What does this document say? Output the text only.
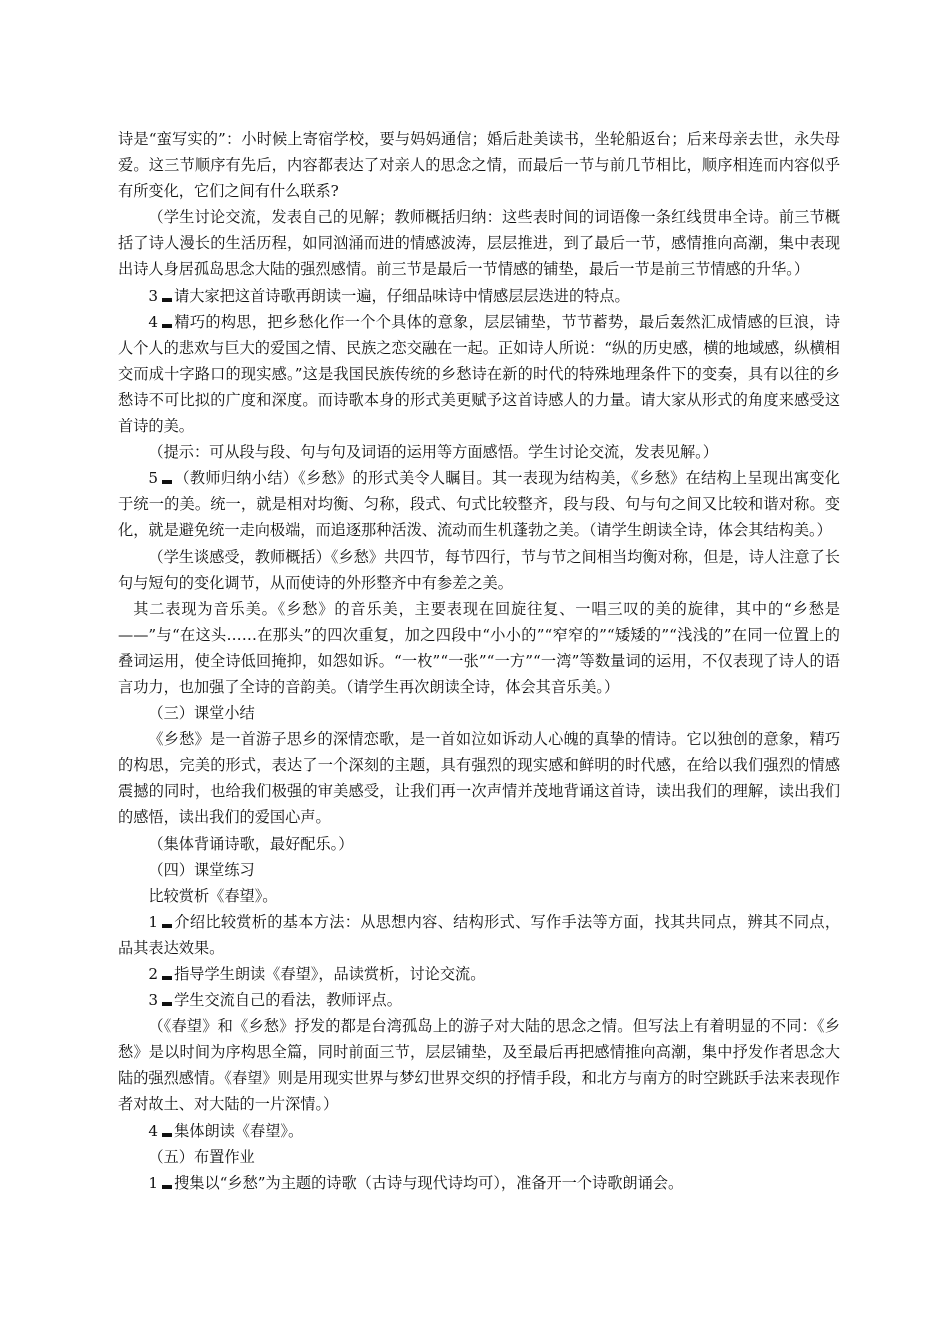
诗是“蛮写实的”：小时候上寄宿学校，要与妈妈通信；婚后赴美读书，坐轮船返台；后来母亲去世，永失母爱。这三节顺序有先后，内容都表达了对亲人的思念之情，而最后一节与前几节相比，顺序相连而内容似乎有所变化，它们之间有什么联系?

（学生讨论交流，发表自己的见解；教师概括归纳：这些表时间的词语像一条红线贯串全诗。前三节概括了诗人漫长的生活历程，如同汹涌而进的情感波涛，层层推进，到了最后一节，感情推向高潮，集中表现出诗人身居孤岛思念大陆的强烈感情。前三节是最后一节情感的铺垫，最后一节是前三节情感的升华。）

3 请大家把这首诗歌再朗读一遍，仔细品味诗中情感层层迭进的特点。

4 精巧的构思，把乡愁化作一个个具体的意象，层层铺垫，节节蓄势，最后轰然汇成情感的巨浪，诗人个人的悲欢与巨大的爱国之情、民族之恋交融在一起。正如诗人所说：“纵的历史感，横的地域感，纵横相交而成十字路口的现实感。”这是我国民族传统的乡愁诗在新的时代的特殊地理条件下的变奏，具有以往的乡愁诗不可比拟的广度和深度。而诗歌本身的形式美更赋予这首诗感人的力量。请大家从形式的角度来感受这首诗的美。

（提示：可从段与段、句与句及词语的运用等方面感悟。学生讨论交流，发表见解。）

5 （教师归纳小结）《乡愁》的形式美令人瞩目。其一表现为结构美，《乡愁》在结构上呈现出寓变化于统一的美。统一，就是相对均衡、匀称，段式、句式比较整齐，段与段、句与句之间又比较和谐对称。变化，就是避免统一走向极端，而追逐那种活泼、流动而生机蓬勃之美。（请学生朗读全诗，体会其结构美。）

（学生谈感受，教师概括）《乡愁》共四节，每节四行，节与节之间相当均衡对称，但是，诗人注意了长句与短句的变化调节，从而使诗的外形整齐中有参差之美。

其二表现为音乐美。《乡愁》的音乐美，主要表现在回旋往复、一唱三叹的美的旋律，其中的“乡愁是——”与“在这头……在那头”的四次重复，加之四段中“小小的”“窄窄的”“矮矮的”“浅浅的”在同一位置上的叠词运用，使全诗低回掩抑，如怨如诉。“一枚”“一张”“一方”“一湾”等数量词的运用，不仅表现了诗人的语言功力，也加强了全诗的音韵美。（请学生再次朗读全诗，体会其音乐美。）

（三）课堂小结

《乡愁》是一首游子思乡的深情恋歌，是一首如泣如诉动人心魄的真挚的情诗。它以独创的意象，精巧的构思，完美的形式，表达了一个深刻的主题，具有强烈的现实感和鲜明的时代感，在给以我们强烈的情感震撼的同时，也给我们极强的审美感受，让我们再一次声情并茂地背诵这首诗，读出我们的理解，读出我们的感悟，读出我们的爱国心声。

（集体背诵诗歌，最好配乐。）

（四）课堂练习

比较赏析《春望》。

1 介绍比较赏析的基本方法：从思想内容、结构形式、写作手法等方面，找其共同点，辨其不同点，品其表达效果。

2 指导学生朗读《春望》，品读赏析，讨论交流。

3 学生交流自己的看法，教师评点。

（《春望》和《乡愁》抒发的都是台湾孤岛上的游子对大陆的思念之情。但写法上有着明显的不同：《乡愁》是以时间为序构思全篇，同时前面三节，层层铺垫，及至最后再把感情推向高潮，集中抒发作者思念大陆的强烈感情。《春望》则是用现实世界与梦幻世界交织的抒情手段，和北方与南方的时空跳跃手法来表现作者对故土、对大陆的一片深情。）

4 集体朗读《春望》。

（五）布置作业

1 搜集以“乡愁”为主题的诗歌（古诗与现代诗均可），准备开一个诗歌朗诵会。
